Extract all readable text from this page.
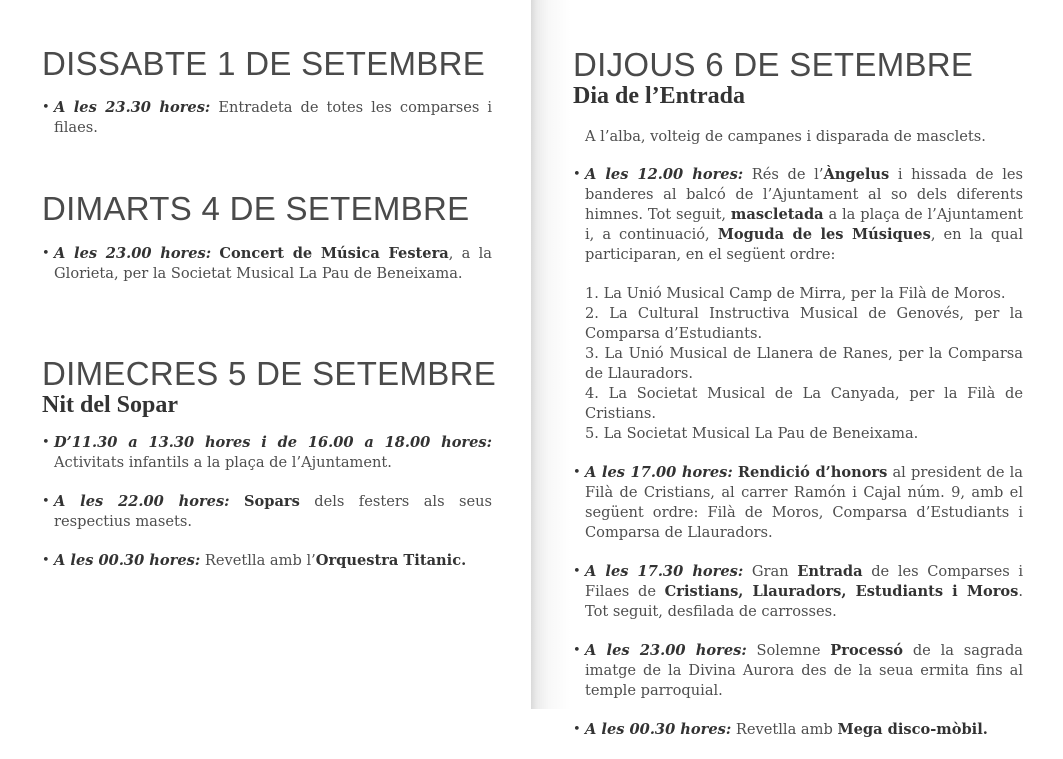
DISSABTE 1 DE SETEMBRE
• A les 23.30 hores: Entradeta de totes les comparses i filaes.
DIMARTS 4 DE SETEMBRE
• A les 23.00 hores: Concert de Música Festera, a la Glorieta, per la Societat Musical La Pau de Beneixama.
DIMECRES 5 DE SETEMBRE
Nit del Sopar
• D’11.30 a 13.30 hores i de 16.00 a 18.00 hores: Activitats infantils a la plaça de l’Ajuntament.
• A les 22.00 hores: Sopars dels festers als seus respectius masets.
• A les 00.30 hores: Revetlla amb l’Orquestra Titanic.
DIJOUS 6 DE SETEMBRE
Dia de l’Entrada

A l’alba, volteig de campanes i disparada de masclets.

• A les 12.00 hores: Rés de l’Àngelus i hissada de les banderes al balcó de l’Ajuntament al so dels diferents himnes. Tot seguit, mascletada a la plaça de l’Ajuntament i, a continuació, Moguda de les Músiques, en la qual participaran, en el següent ordre:
1. La Unió Musical Camp de Mirra, per la Filà de Moros.
2. La Cultural Instructiva Musical de Genovés, per la Comparsa d’Estudiants.
3. La Unió Musical de Llanera de Ranes, per la Comparsa de Llauradors.
4. La Societat Musical de La Canyada, per la Filà de Cristians.
5. La Societat Musical La Pau de Beneixama.
• A les 17.00 hores: Rendició d’honors al president de la Filà de Cristians, al carrer Ramón i Cajal núm. 9, amb el següent ordre: Filà de Moros, Comparsa d’Estudiants i Comparsa de Llauradors.
• A les 17.30 hores: Gran Entrada de les Comparses i Filaes de Cristians, Llauradors, Estudiants i Moros. Tot seguit, desfilada de carrosses.
• A les 23.00 hores: Solemne Processó de la sagrada imatge de la Divina Aurora des de la seua ermita fins al temple parroquial.
• A les 00.30 hores: Revetlla amb Mega disco-mòbil.
